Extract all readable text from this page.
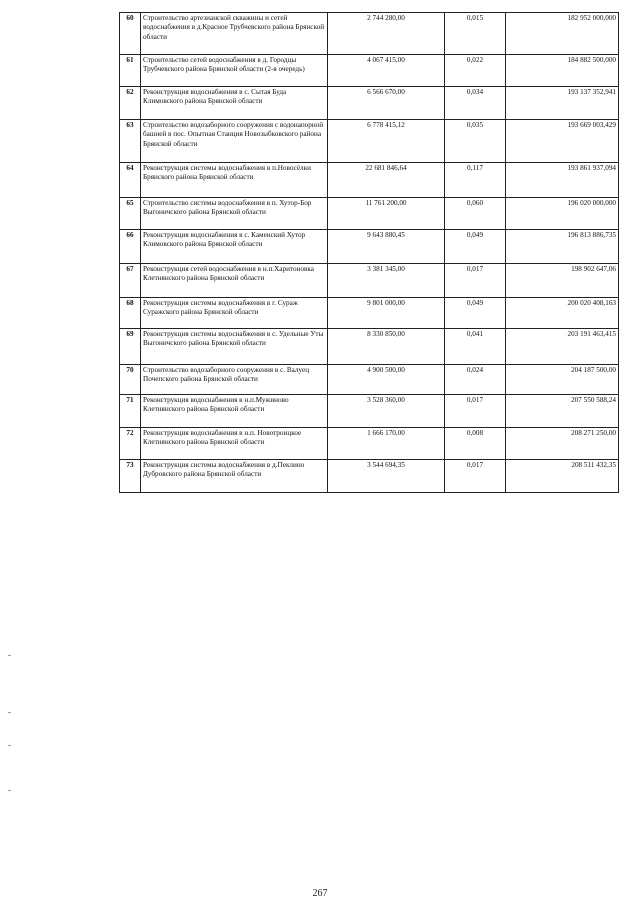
60	Строительство артезианской скважины и сетей водоснабжения в д.Красное Трубчевского района Брянской области	2 744 280,00	0,015	182 952 000,000
61	Строительство сетей водоснабжения в д. Городцы Трубчевского района Брянской области (2-я очередь)	4 067 415,00	0,022	184 882 500,000
62	Реконструкция водоснабжения в с. Сытая Буда Климовского района Брянской области	6 566 670,00	0,034	193 137 352,941
63	Строительство водозаборного сооружения с водонапорной башней в пос. Опытная Станция Новозыбковского района Брянской области	6 778 415,12	0,035	193 669 003,429
64	Реконструкция системы водоснабжения в п.Новосёлки Брянского района Брянской области	22 681 846,64	0,117	193 861 937,094
65	Строительство системы водоснабжения в п. Хутор-Бор Выгоничского района Брянской области	11 761 200,00	0,060	196 020 000,000
66	Реконструкция водоснабжения в с. Каменский Хутор Климовского района Брянской области	9 643 880,45	0,049	196 813 886,735
67	Реконструкция сетей водоснабжения в н.п.Харитоновка Клетнянского района Брянской области	3 381 345,00	0,017	198 902 647,06
68	Реконструкция системы водоснабжения в г. Сураж Суражского района Брянской области	9 801 000,00	0,049	200 020 408,163
69	Реконструкция системы водоснабжения в с. Удельные Уты Выгоничского района Брянской области	8 330 850,00	0,041	203 191 463,415
70	Строительство водозаборного сооружения в с. Валуец Почепского района Брянской области	4 900 500,00	0,024	204 187 500,00
71	Реконструкция водоснабжения в н.п.Мужиново Клетнянского района Брянской области	3 528 360,00	0,017	207 550 588,24
72	Реконструкция водоснабжения в н.п. Новотроицкое Клетнянского района Брянской области	1 666 170,00	0,008	208 271 250,00
73	Реконструкция системы водоснабжения в д.Пеклино Дубровского района Брянской области	3 544 694,35	0,017	208 511 432,35
267
